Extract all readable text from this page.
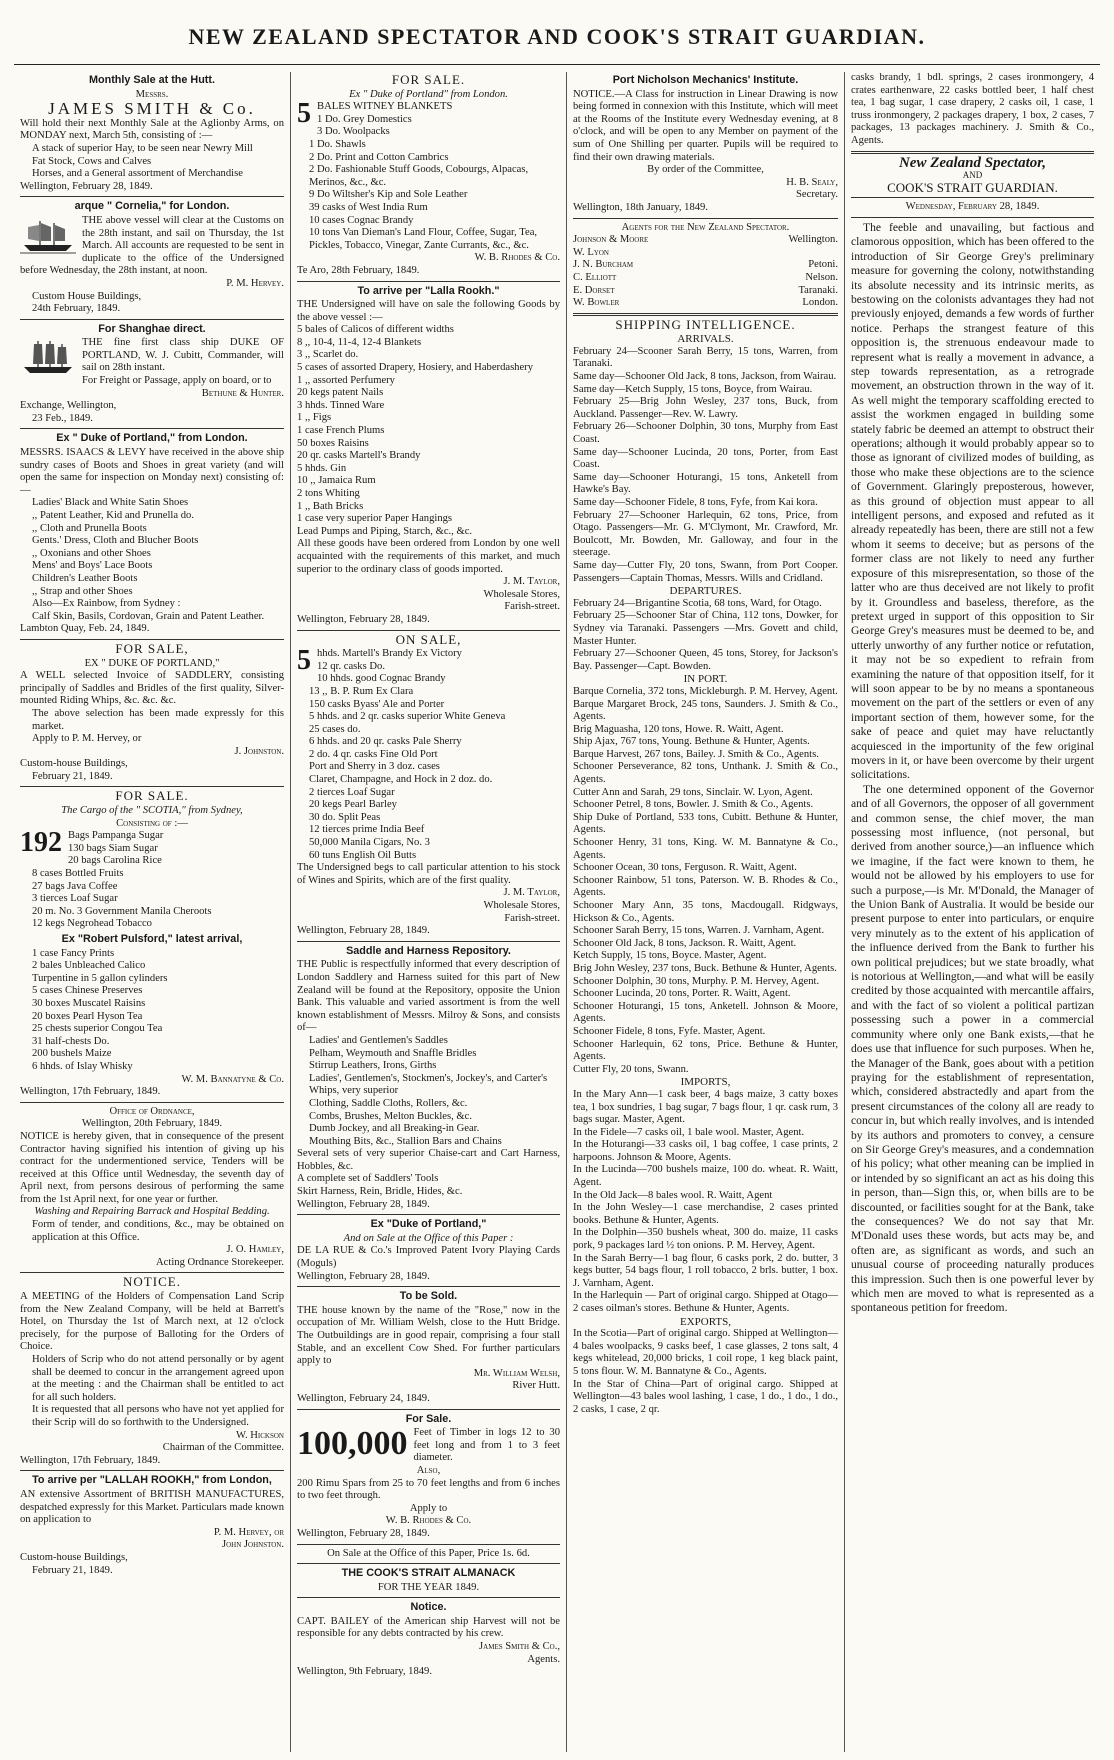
NEW ZEALAND SPECTATOR AND COOK'S STRAIT GUARDIAN.
Monthly Sale at the Hutt.
Messrs.
JAMES SMITH & Co.

Will hold their next Monthly Sale at the Aglionby Arms, on MONDAY next, March 5th, consisting of :—

A stack of superior Hay, to be seen near Newry Mill
Fat Stock, Cows and Calves
Horses, and a General assortment of Merchandise
Wellington, February 28, 1849.
arque " Cornelia," for London.

THE above vessel will clear at the Customs on the 28th instant, and sail on Thursday, the 1st March. All accounts are requested to be sent in duplicate to the office of the Undersigned before Wednesday, the 28th instant, at noon.

P. M. Hervey.
Custom House Buildings,
24th February, 1849.
For Shanghae direct.

THE fine first class ship DUKE OF PORTLAND, W. J. Cubitt, Commander, will sail on 28th instant.

For Freight or Passage, apply on board, or to

Bethune & Hunter.
Exchange, Wellington,
23 Feb., 1849.
Ex " Duke of Portland," from London.

MESSRS. ISAACS & LEVY have received in the above ship sundry cases of Boots and Shoes in great variety (and will open the same for inspection on Monday next) consisting of:—

Ladies' Black and White Satin Shoes
,, Patent Leather, Kid and Prunella do.
,, Cloth and Prunella Boots
Gents.' Dress, Cloth and Blucher Boots
,, Oxonians and other Shoes
Mens' and Boys' Lace Boots
Children's Leather Boots
,, Strap and other Shoes
Also—Ex Rainbow, from Sydney :
Calf Skin, Basils, Cordovan, Grain and Patent Leather.
Lambton Quay, Feb. 24, 1849.
FOR SALE,
EX " DUKE OF PORTLAND,"

A WELL selected Invoice of SADDLERY, consisting principally of Saddles and Bridles of the first quality, Silver-mounted Riding Whips, &c. &c. &c.

The above selection has been made expressly for this market.

Apply to P. M. Hervey, or
J. Johnston.
Custom-house Buildings,
February 21, 1849.
FOR SALE.
The Cargo of the " SCOTIA," from Sydney,
Consisting of :—
192 Bags Pampanga Sugar
130 bags Siam Sugar
20 bags Carolina Rice
8 cases Bottled Fruits
27 bags Java Coffee
3 tierces Loaf Sugar
20 m. No. 3 Government Manila Cheroots
12 kegs Negrohead Tobacco
Ex "Robert Pulsford," latest arrival,
1 case Fancy Prints
2 bales Unbleached Calico
Turpentine in 5 gallon cylinders
5 cases Chinese Preserves
30 boxes Muscatel Raisins
20 boxes Pearl Hyson Tea
25 chests superior Congou Tea
31 half-chests Do.
200 bushels Maize
6 hhds. of Islay Whisky
W. M. Bannatyne & Co.
Wellington, 17th February, 1849.
Office of Ordnance,
Wellington, 20th February, 1849.

NOTICE is hereby given, that in consequence of the present Contractor having signified his intention of giving up his contract for the undermentioned service, Tenders will be received at this Office until Wednesday, the seventh day of April next, from persons desirous of performing the same from the 1st April next, for one year or further.

Washing and Repairing Barrack and Hospital Bedding.

Form of tender, and conditions, &c., may be obtained on application at this Office.

J. O. Hamley,
Acting Ordnance Storekeeper.
NOTICE.

A MEETING of the Holders of Compensation Land Scrip from the New Zealand Company, will be held at Barrett's Hotel, on Thursday the 1st of March next, at 12 o'clock precisely, for the purpose of Balloting for the Orders of Choice.

Holders of Scrip who do not attend personally or by agent shall be deemed to concur in the arrangement agreed upon at the meeting : and the Chairman shall be entitled to act for all such holders.

It is requested that all persons who have not yet applied for their Scrip will do so forthwith to the Undersigned.

W. Hickson
Chairman of the Committee.
Wellington, 17th February, 1849.
To arrive per "LALLAH ROOKH," from London,

AN extensive Assortment of BRITISH MANUFACTURES, despatched expressly for this Market. Particulars made known on application to

P. M. Hervey, or
John Johnston.
Custom-house Buildings,
February 21, 1849.
FOR SALE.
Ex " Duke of Portland" from London.
5 BALES WITNEY BLANKETS
1 Do. Grey Domestics
3 Do. Woolpacks
1 Do. Shawls
2 Do. Print and Cotton Cambrics
2 Do. Fashionable Stuff Goods, Cobourgs, Alpacas, Merinos, &c., &c.
9 Do Wiltsher's Kip and Sole Leather
39 casks of West India Rum
10 cases Cognac Brandy
10 tons Van Dieman's Land Flour, Coffee, Sugar, Tea, Pickles, Tobacco, Vinegar, Zante Currants, &c., &c.
W. B. Rhodes & Co.
Te Aro, 28th February, 1849.
To arrive per "Lalla Rookh."

THE Undersigned will have on sale the following Goods by the above vessel :—

5 bales of Calicos of different widths
8 ,, 10-4, 11-4, 12-4 Blankets
3 ,, Scarlet do.
5 cases of assorted Drapery, Hosiery, and Haberdashery
1 ,, assorted Perfumery
20 kegs patent Nails
3 hhds. Tinned Ware
1 ,, Figs
1 case French Plums
50 boxes Raisins
20 qr. casks Martell's Brandy
5 hhds. Gin
10 ,, Jamaica Rum
2 tons Whiting
1 ,, Bath Bricks
1 case very superior Paper Hangings
Lead Pumps and Piping, Starch, &c., &c.

All these goods have been ordered from London by one well acquainted with the requirements of this market, and much superior to the ordinary class of goods imported.

J. M. Taylor,
Wholesale Stores,
Farish-street.
Wellington, February 28, 1849.
ON SALE,
5 hhds. Martell's Brandy Ex Victory
12 qr. casks Do.
10 hhds. good Cognac Brandy
13 ,, B. P. Rum Ex Clara
150 casks Byass' Ale and Porter
5 hhds. and 2 qr. casks superior White Geneva
25 cases do.
6 hhds. and 20 qr. casks Pale Sherry
2 do. 4 qr. casks Fine Old Port
Port and Sherry in 3 doz. cases
Claret, Champagne, and Hock in 2 doz. do.
2 tierces Loaf Sugar
20 kegs Pearl Barley
30 do. Split Peas
12 tierces prime India Beef
50,000 Manila Cigars, No. 3
60 tuns English Oil Butts

The Undersigned begs to call particular attention to his stock of Wines and Spirits, which are of the first quality.

J. M. Taylor,
Wholesale Stores,
Farish-street.
Wellington, February 28, 1849.
Saddle and Harness Repository.

THE Public is respectfully informed that every description of London Saddlery and Harness suited for this part of New Zealand will be found at the Repository, opposite the Union Bank. This valuable and varied assortment is from the well known establishment of Messrs. Milroy & Sons, and consists of—

Ladies' and Gentlemen's Saddles
Pelham, Weymouth and Snaffle Bridles
Stirrup Leathers, Irons, Girths
Ladies', Gentlemen's, Stockmen's, Jockey's, and Carter's Whips, very superior
Clothing, Saddle Cloths, Rollers, &c.
Combs, Brushes, Melton Buckles, &c.
Dumb Jockey, and all Breaking-in Gear.
Mouthing Bits, &c., Stallion Bars and Chains

Several sets of very superior Chaise-cart and Cart Harness, Hobbles, &c.

A complete set of Saddlers' Tools
Skirt Harness, Rein, Bridle, Hides, &c.
Wellington, February 28, 1849.
Ex "Duke of Portland,"
And on Sale at the Office of this Paper :

DE LA RUE & Co.'s Improved Patent Ivory Playing Cards (Moguls)

Wellington, February 28, 1849.
To be Sold.

THE house known by the name of the "Rose," now in the occupation of Mr. William Welsh, close to the Hutt Bridge. The Outbuildings are in good repair, comprising a four stall Stable, and an excellent Cow Shed. For further particulars apply to

Mr. William Welsh,
River Hutt.
Wellington, February 24, 1849.
For Sale.
100,000 Feet of Timber in logs 12 to 30 feet long and from 1 to 3 feet diameter.

Also,

200 Rimu Spars from 25 to 70 feet lengths and from 6 inches to two feet through.

Apply to
W. B. Rhodes & Co.
Wellington, February 28, 1849.
On Sale at the Office of this Paper, Price 1s. 6d.
THE COOK'S STRAIT ALMANACK
FOR THE YEAR 1849.
Notice.

CAPT. BAILEY of the American ship Harvest will not be responsible for any debts contracted by his crew.

James Smith & Co.,
Agents.
Wellington, 9th February, 1849.
Port Nicholson Mechanics' Institute.

NOTICE.—A Class for instruction in Linear Drawing is now being formed in connexion with this Institute, which will meet at the Rooms of the Institute every Wednesday evening, at 8 o'clock, and will be open to any Member on payment of the sum of One Shilling per quarter. Pupils will be required to find their own drawing materials.

By order of the Committee,
H. B. Sealy,
Secretary.
Wellington, 18th January, 1849.
Agents for the New Zealand Spectator.
Johnson & Moore	Wellington.
W. Lyon
J. N. Burcham	Petoni.
C. Elliott	Nelson.
E. Dorset	Taranaki.
W. Bowler	London.
SHIPPING INTELLIGENCE.
ARRIVALS.

February 24—Scooner Sarah Berry, 15 tons, Warren, from Taranaki.

Same day—Schooner Old Jack, 8 tons, Jackson, from Wairau.

Same day—Ketch Supply, 15 tons, Boyce, from Wairau.

February 25—Brig John Wesley, 237 tons, Buck, from Auckland. Passenger—Rev. W. Lawry.

February 26—Schooner Dolphin, 30 tons, Murphy from East Coast.

Same day—Schooner Lucinda, 20 tons, Porter, from East Coast.

Same day—Schooner Hoturangi, 15 tons, Anketell from Hawke's Bay.

Same day—Schooner Fidele, 8 tons, Fyfe, from Kai kora.

February 27—Schooner Harlequin, 62 tons, Price, from Otago. Passengers—Mr. G. M'Clymont, Mr. Crawford, Mr. Boulcott, Mr. Bowden, Mr. Galloway, and four in the steerage.

Same day—Cutter Fly, 20 tons, Swann, from Port Cooper. Passengers—Captain Thomas, Messrs. Wills and Cridland.

DEPARTURES.

February 24—Brigantine Scotia, 68 tons, Ward, for Otago.

February 25—Schooner Star of China, 112 tons, Dowker, for Sydney via Taranaki. Passengers —Mrs. Govett and child, Master Hunter.

February 27—Schooner Queen, 45 tons, Storey, for Jackson's Bay. Passenger—Capt. Bowden.

IN PORT.

Barque Cornelia, 372 tons, Mickleburgh. P. M. Hervey, Agent.

Barque Margaret Brock, 245 tons, Saunders. J. Smith & Co., Agents.

Brig Maguasha, 120 tons, Howe. R. Waitt, Agent.

Ship Ajax, 767 tons, Young. Bethune & Hunter, Agents.

Barque Harvest, 267 tons, Bailey. J. Smith & Co., Agents.

Schooner Perseverance, 82 tons, Unthank. J. Smith & Co., Agents.

Cutter Ann and Sarah, 29 tons, Sinclair. W. Lyon, Agent.

Schooner Petrel, 8 tons, Bowler. J. Smith & Co., Agents.

Ship Duke of Portland, 533 tons, Cubitt. Bethune & Hunter, Agents.

Schooner Henry, 31 tons, King. W. M. Bannatyne & Co., Agents.

Schooner Ocean, 30 tons, Ferguson. R. Waitt, Agent.

Schooner Rainbow, 51 tons, Paterson. W. B. Rhodes & Co., Agents.

Schooner Mary Ann, 35 tons, Macdougall. Ridgways, Hickson & Co., Agents.

Schooner Sarah Berry, 15 tons, Warren. J. Varnham, Agent.

Schooner Old Jack, 8 tons, Jackson. R. Waitt, Agent.

Ketch Supply, 15 tons, Boyce. Master, Agent.

Brig John Wesley, 237 tons, Buck. Bethune & Hunter, Agents.

Schooner Dolphin, 30 tons, Murphy. P. M. Hervey, Agent.

Schooner Lucinda, 20 tons, Porter. R. Waitt, Agent.

Schooner Hoturangi, 15 tons, Anketell. Johnson & Moore, Agents.

Schooner Fidele, 8 tons, Fyfe. Master, Agent.

Schooner Harlequin, 62 tons, Price. Bethune & Hunter, Agents.

Cutter Fly, 20 tons, Swann.

IMPORTS,

In the Mary Ann—1 cask beer, 4 bags maize, 3 catty boxes tea, 1 box sundries, 1 bag sugar, 7 bags flour, 1 qr. cask rum, 3 bags sugar. Master, Agent.

In the Fidele—7 casks oil, 1 bale wool. Master, Agent.

In the Hoturangi—33 casks oil, 1 bag coffee, 1 case prints, 2 harpoons. Johnson & Moore, Agents.

In the Lucinda—700 bushels maize, 100 do. wheat. R. Waitt, Agent.

In the Old Jack—8 bales wool. R. Waitt, Agent

In the John Wesley—1 case merchandise, 2 cases printed books. Bethune & Hunter, Agents.

In the Dolphin—350 bushels wheat, 300 do. maize, 11 casks pork, 9 packages lard ½ ton onions. P. M. Hervey, Agent.

In the Sarah Berry—1 bag flour, 6 casks pork, 2 do. butter, 3 kegs butter, 54 bags flour, 1 roll tobacco, 2 brls. butter, 1 box. J. Varnham, Agent.

In the Harlequin — Part of original cargo. Shipped at Otago—2 cases oilman's stores. Bethune & Hunter, Agents.

EXPORTS,

In the Scotia—Part of original cargo. Shipped at Wellington—4 bales woolpacks, 9 casks beef, 1 case glasses, 2 tons salt, 4 kegs whitelead, 20,000 bricks, 1 coil rope, 1 keg black paint, 5 tons flour. W. M. Bannatyne & Co., Agents.

In the Star of China—Part of original cargo. Shipped at Wellington—43 bales wool lashing, 1 case, 1 do., 1 do., 1 do., 2 casks, 1 case, 2 qr.

casks brandy, 1 bdl. springs, 2 cases ironmongery, 4 crates earthenware, 22 casks bottled beer, 1 half chest tea, 1 bag sugar, 1 case drapery, 2 casks oil, 1 case, 1 truss ironmongery, 2 packages drapery, 1 box, 2 cases, 7 packages, 13 packages machinery. J. Smith & Co., Agents.

New Zealand Spectator,
AND
COOK'S STRAIT GUARDIAN.
Wednesday, February 28, 1849.

The feeble and unavailing, but factious and clamorous opposition, which has been offered to the introduction of Sir George Grey's preliminary measure for governing the colony, notwithstanding its absolute necessity and its intrinsic merits, as bestowing on the colonists advantages they had not previously enjoyed, demands a few words of further notice. Perhaps the strangest feature of this opposition is, the strenuous endeavour made to represent what is really a movement in advance, a step towards representation, as a retrograde movement, an obstruction thrown in the way of it. As well might the temporary scaffolding erected to assist the workmen engaged in building some stately fabric be deemed an attempt to obstruct their operations; although it would probably appear so to those as ignorant of civilized modes of building, as those who make these objections are to the science of Government. Glaringly preposterous, however, as this ground of objection must appear to all intelligent persons, and exposed and refuted as it already repeatedly has been, there are still not a few whom it seems to deceive; but as persons of the former class are not likely to need any further exposure of this misrepresentation, so those of the latter who are thus deceived are not likely to profit by it. Groundless and baseless, therefore, as the pretext urged in support of this opposition to Sir George Grey's measures must be deemed to be, and utterly unworthy of any further notice or refutation, it may not be so expedient to refrain from examining the nature of that opposition itself, for it will soon appear to be by no means a spontaneous movement on the part of the settlers or even of any important section of them, however some, for the sake of peace and quiet may have reluctantly acquiesced in the importunity of the few original movers in it, or have been overcome by their urgent solicitations.

The one determined opponent of the Governor and of all Governors, the opposer of all government and common sense, the chief mover, the man possessing most influence, (not personal, but derived from another source,)—an influence which we imagine, if the fact were known to them, he would not be allowed by his employers to use for such a purpose,—is Mr. M'Donald, the Manager of the Union Bank of Australia. It would be beside our present purpose to enter into particulars, or enquire very minutely as to the extent of his application of the influence derived from the Bank to further his own political prejudices; but we state broadly, what is notorious at Wellington,—and what will be easily credited by those acquainted with mercantile affairs, and with the fact of so violent a political partizan possessing such a power in a commercial community where only one Bank exists,—that he does use that influence for such purposes. When he, the Manager of the Bank, goes about with a petition praying for the establishment of representation, which, considered abstractedly and apart from the present circumstances of the colony all are ready to concur in, but which really involves, and is intended by its authors and promoters to convey, a censure on Sir George Grey's measures, and a condemnation of his policy; what other meaning can be implied in or intended by so significant an act as his doing this in person, than—Sign this, or, when bills are to be discounted, or facilities sought for at the Bank, take the consequences? We do not say that Mr. M'Donald uses these words, but acts may be, and often are, as significant as words, and such an unusual course of proceeding naturally produces this impression. Such then is one powerful lever by which men are moved to what is represented as a spontaneous petition for freedom.
